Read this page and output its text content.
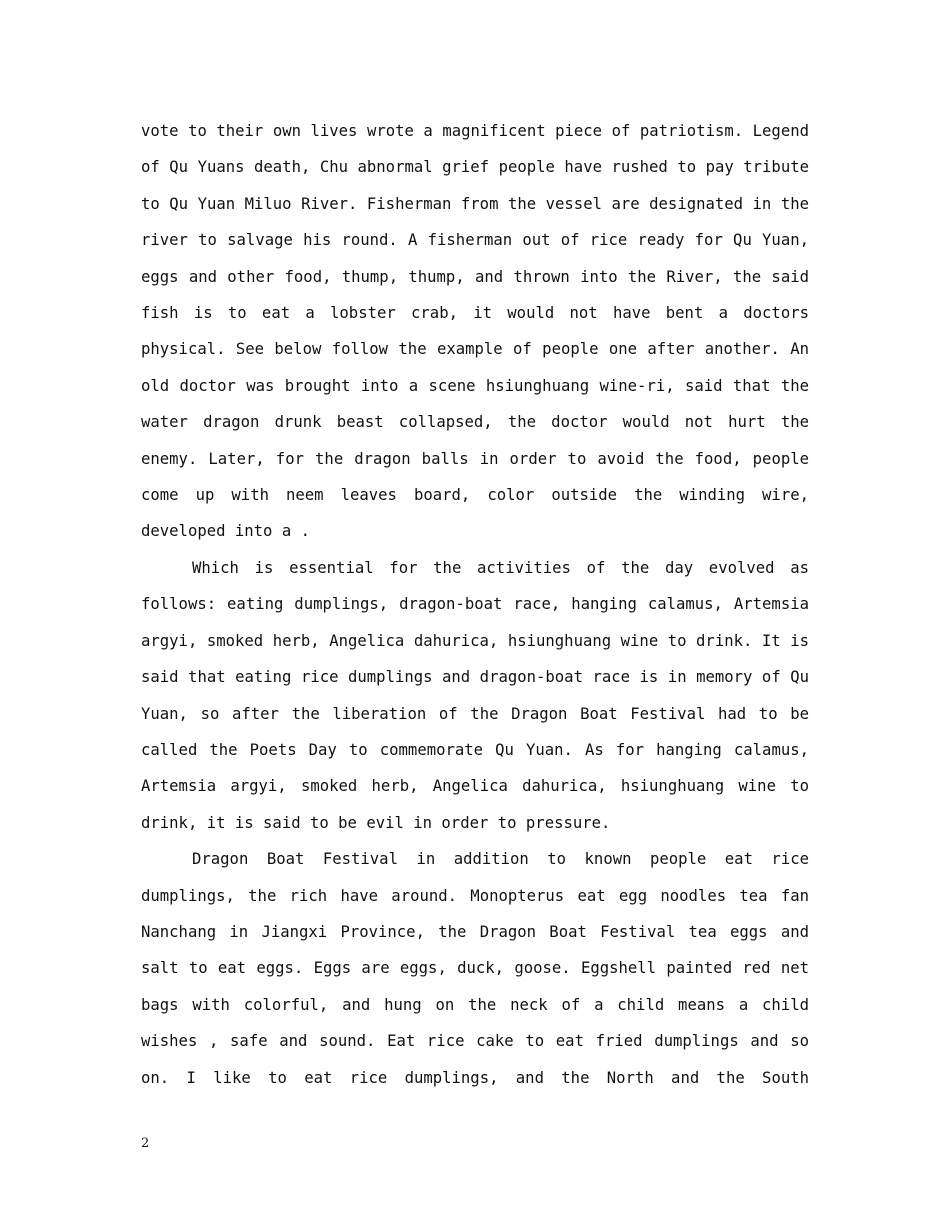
vote to their own lives wrote a magnificent piece of patriotism. Legend of Qu Yuans death, Chu abnormal grief people have rushed to pay tribute to Qu Yuan Miluo River. Fisherman from the vessel are designated in the river to salvage his round. A fisherman out of rice ready for Qu Yuan, eggs and other food, thump, thump, and thrown into the River, the said fish is to eat a lobster crab, it would not have bent a doctors physical. See below follow the example of people one after another. An old doctor was brought into a scene hsiunghuang wine-ri, said that the water dragon drunk beast collapsed, the doctor would not hurt the enemy. Later, for the dragon balls in order to avoid the food, people come up with neem leaves board, color outside the winding wire, developed into a .

Which is essential for the activities of the day evolved as follows: eating dumplings, dragon-boat race, hanging calamus, Artemsia argyi, smoked herb, Angelica dahurica, hsiunghuang wine to drink. It is said that eating rice dumplings and dragon-boat race is in memory of Qu Yuan, so after the liberation of the Dragon Boat Festival had to be called the Poets Day to commemorate Qu Yuan. As for hanging calamus, Artemsia argyi, smoked herb, Angelica dahurica, hsiunghuang wine to drink, it is said to be evil in order to pressure.

Dragon Boat Festival in addition to known people eat rice dumplings, the rich have around. Monopterus eat egg noodles tea fan Nanchang in Jiangxi Province, the Dragon Boat Festival tea eggs and salt to eat eggs. Eggs are eggs, duck, goose. Eggshell painted red net bags with colorful, and hung on the neck of a child means a child wishes , safe and sound. Eat rice cake to eat fried dumplings and so on. I like to eat rice dumplings, and the North and the South

2
